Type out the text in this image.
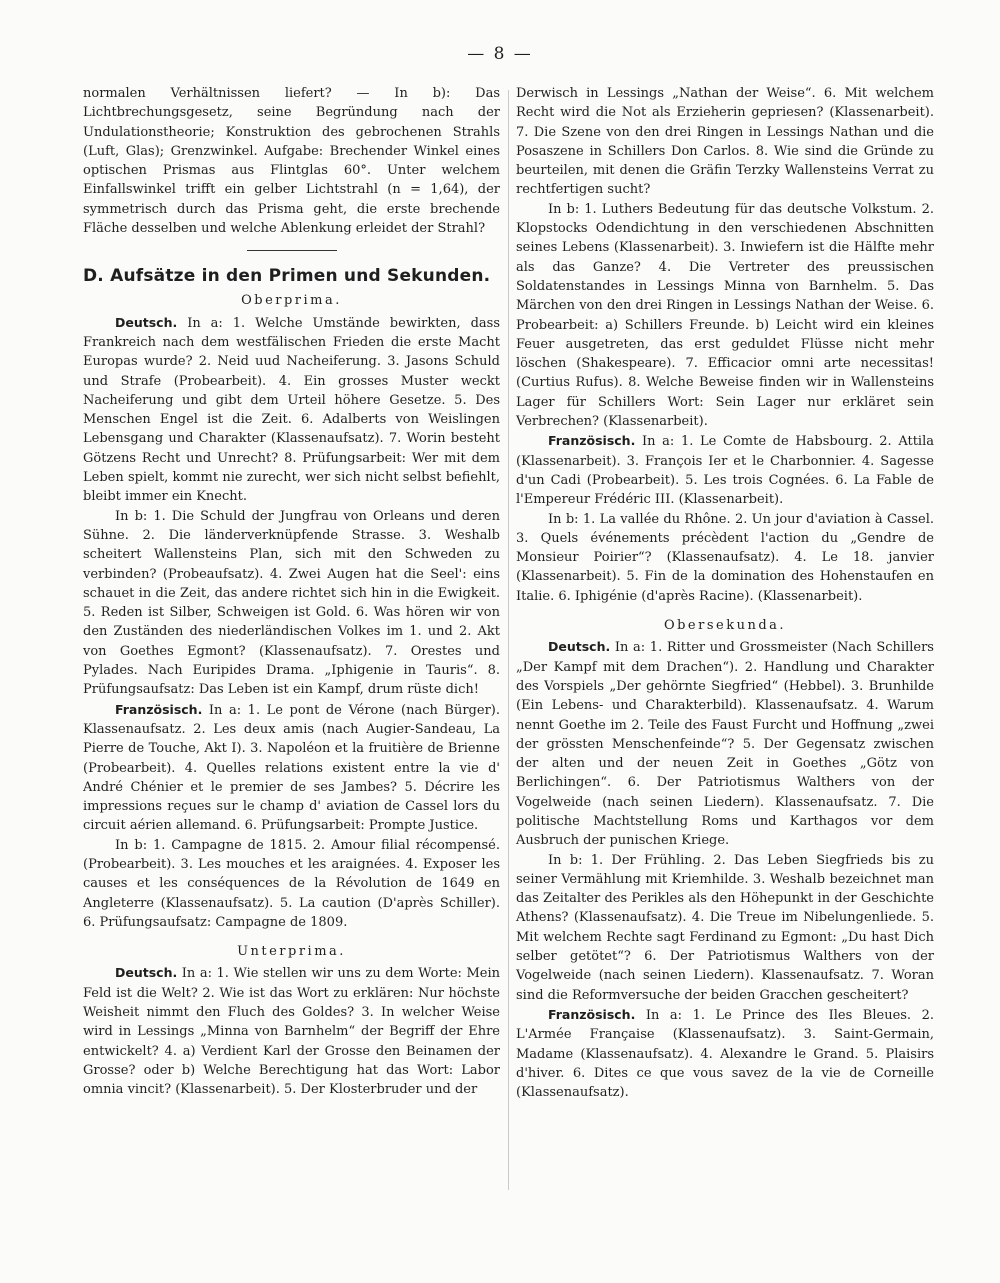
— 8 —

normalen Verhältnissen liefert? — In b): Das Lichtbrechungsgesetz, seine Begründung nach der Undulationstheorie; Konstruktion des gebrochenen Strahls (Luft, Glas); Grenzwinkel. Aufgabe: Brechender Winkel eines optischen Prismas aus Flintglas 60°. Unter welchem Einfallswinkel trifft ein gelber Lichtstrahl (n = 1,64), der symmetrisch durch das Prisma geht, die erste brechende Fläche desselben und welche Ablenkung erleidet der Strahl?

D. Aufsätze in den Primen und Sekunden.
Oberprima.

Deutsch. In a: 1. Welche Umstände bewirkten, dass Frankreich nach dem westfälischen Frieden die erste Macht Europas wurde? 2. Neid uud Nacheiferung. 3. Jasons Schuld und Strafe (Probearbeit). 4. Ein grosses Muster weckt Nacheiferung und gibt dem Urteil höhere Gesetze. 5. Des Menschen Engel ist die Zeit. 6. Adalberts von Weislingen Lebensgang und Charakter (Klassenaufsatz). 7. Worin besteht Götzens Recht und Unrecht? 8. Prüfungsarbeit: Wer mit dem Leben spielt, kommt nie zurecht, wer sich nicht selbst befiehlt, bleibt immer ein Knecht.

In b: 1. Die Schuld der Jungfrau von Orleans und deren Sühne. 2. Die länderverknüpfende Strasse. 3. Weshalb scheitert Wallensteins Plan, sich mit den Schweden zu verbinden? (Probeaufsatz). 4. Zwei Augen hat die Seel': eins schauet in die Zeit, das andere richtet sich hin in die Ewigkeit. 5. Reden ist Silber, Schweigen ist Gold. 6. Was hören wir von den Zuständen des niederländischen Volkes im 1. und 2. Akt von Goethes Egmont? (Klassenaufsatz). 7. Orestes und Pylades. Nach Euripides Drama. „Iphigenie in Tauris“. 8. Prüfungsaufsatz: Das Leben ist ein Kampf, drum rüste dich!

Französisch. In a: 1. Le pont de Vérone (nach Bürger). Klassenaufsatz. 2. Les deux amis (nach Augier-Sandeau, La Pierre de Touche, Akt I). 3. Napoléon et la fruitière de Brienne (Probearbeit). 4. Quelles relations existent entre la vie d' André Chénier et le premier de ses Jambes? 5. Décrire les impressions reçues sur le champ d' aviation de Cassel lors du circuit aérien allemand. 6. Prüfungsarbeit: Prompte Justice.

In b: 1. Campagne de 1815. 2. Amour filial récompensé. (Probearbeit). 3. Les mouches et les araignées. 4. Exposer les causes et les conséquences de la Révolution de 1649 en Angleterre (Klassenaufsatz). 5. La caution (D'après Schiller). 6. Prüfungsaufsatz: Campagne de 1809.

Unterprima.

Deutsch. In a: 1. Wie stellen wir uns zu dem Worte: Mein Feld ist die Welt? 2. Wie ist das Wort zu erklären: Nur höchste Weisheit nimmt den Fluch des Goldes? 3. In welcher Weise wird in Lessings „Minna von Barnhelm“ der Begriff der Ehre entwickelt? 4. a) Verdient Karl der Grosse den Beinamen der Grosse? oder b) Welche Berechtigung hat das Wort: Labor omnia vincit? (Klassenarbeit). 5. Der Klosterbruder und der

Derwisch in Lessings „Nathan der Weise“. 6. Mit welchem Recht wird die Not als Erzieherin gepriesen? (Klassenarbeit). 7. Die Szene von den drei Ringen in Lessings Nathan und die Posaszene in Schillers Don Carlos. 8. Wie sind die Gründe zu beurteilen, mit denen die Gräfin Terzky Wallensteins Verrat zu rechtfertigen sucht?

In b: 1. Luthers Bedeutung für das deutsche Volkstum. 2. Klopstocks Odendichtung in den verschiedenen Abschnitten seines Lebens (Klassenarbeit). 3. Inwiefern ist die Hälfte mehr als das Ganze? 4. Die Vertreter des preussischen Soldatenstandes in Lessings Minna von Barnhelm. 5. Das Märchen von den drei Ringen in Lessings Nathan der Weise. 6. Probearbeit: a) Schillers Freunde. b) Leicht wird ein kleines Feuer ausgetreten, das erst geduldet Flüsse nicht mehr löschen (Shakespeare). 7. Efficacior omni arte necessitas! (Curtius Rufus). 8. Welche Beweise finden wir in Wallensteins Lager für Schillers Wort: Sein Lager nur erkläret sein Verbrechen? (Klassenarbeit).

Französisch. In a: 1. Le Comte de Habsbourg. 2. Attila (Klassenarbeit). 3. François Ier et le Charbonnier. 4. Sagesse d'un Cadi (Probearbeit). 5. Les trois Cognées. 6. La Fable de l'Empereur Frédéric III. (Klassenarbeit).

In b: 1. La vallée du Rhône. 2. Un jour d'aviation à Cassel. 3. Quels événements précèdent l'action du „Gendre de Monsieur Poirier“? (Klassenaufsatz). 4. Le 18. janvier (Klassenarbeit). 5. Fin de la domination des Hohenstaufen en Italie. 6. Iphigénie (d'après Racine). (Klassenarbeit).

Obersekunda.

Deutsch. In a: 1. Ritter und Grossmeister (Nach Schillers „Der Kampf mit dem Drachen“). 2. Handlung und Charakter des Vorspiels „Der gehörnte Siegfried“ (Hebbel). 3. Brunhilde (Ein Lebens- und Charakterbild). Klassenaufsatz. 4. Warum nennt Goethe im 2. Teile des Faust Furcht und Hoffnung „zwei der grössten Menschenfeinde“? 5. Der Gegensatz zwischen der alten und der neuen Zeit in Goethes „Götz von Berlichingen“. 6. Der Patriotismus Walthers von der Vogelweide (nach seinen Liedern). Klassenaufsatz. 7. Die politische Machtstellung Roms und Karthagos vor dem Ausbruch der punischen Kriege.

In b: 1. Der Frühling. 2. Das Leben Siegfrieds bis zu seiner Vermählung mit Kriemhilde. 3. Weshalb bezeichnet man das Zeitalter des Perikles als den Höhepunkt in der Geschichte Athens? (Klassenaufsatz). 4. Die Treue im Nibelungenliede. 5. Mit welchem Rechte sagt Ferdinand zu Egmont: „Du hast Dich selber getötet“? 6. Der Patriotismus Walthers von der Vogelweide (nach seinen Liedern). Klassenaufsatz. 7. Woran sind die Reformversuche der beiden Gracchen gescheitert?

Französisch. In a: 1. Le Prince des Iles Bleues. 2. L'Armée Française (Klassenaufsatz). 3. Saint-Germain, Madame (Klassenaufsatz). 4. Alexandre le Grand. 5. Plaisirs d'hiver. 6. Dites ce que vous savez de la vie de Corneille (Klassenaufsatz).
